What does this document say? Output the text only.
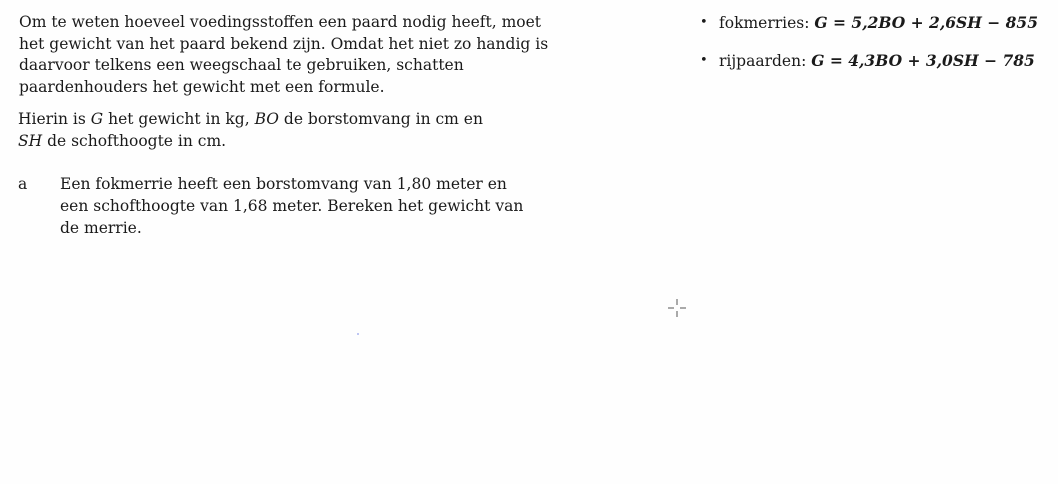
Om te weten hoeveel voedingsstoffen een paard nodig heeft, moet het gewicht van het paard bekend zijn. Omdat het niet zo handig is daarvoor telkens een weegschaal te gebruiken, schatten paardenhouders het gewicht met een formule.

Hierin is G het gewicht in kg, BO de borstomvang in cm en SH de schofthoogte in cm.

a Een fokmerrie heeft een borstomvang van 1,80 meter en een schofthoogte van 1,68 meter. Bereken het gewicht van de merrie.
• fokmerries: G = 5,2BO + 2,6SH − 855
• rijpaarden: G = 4,3BO + 3,0SH − 785
